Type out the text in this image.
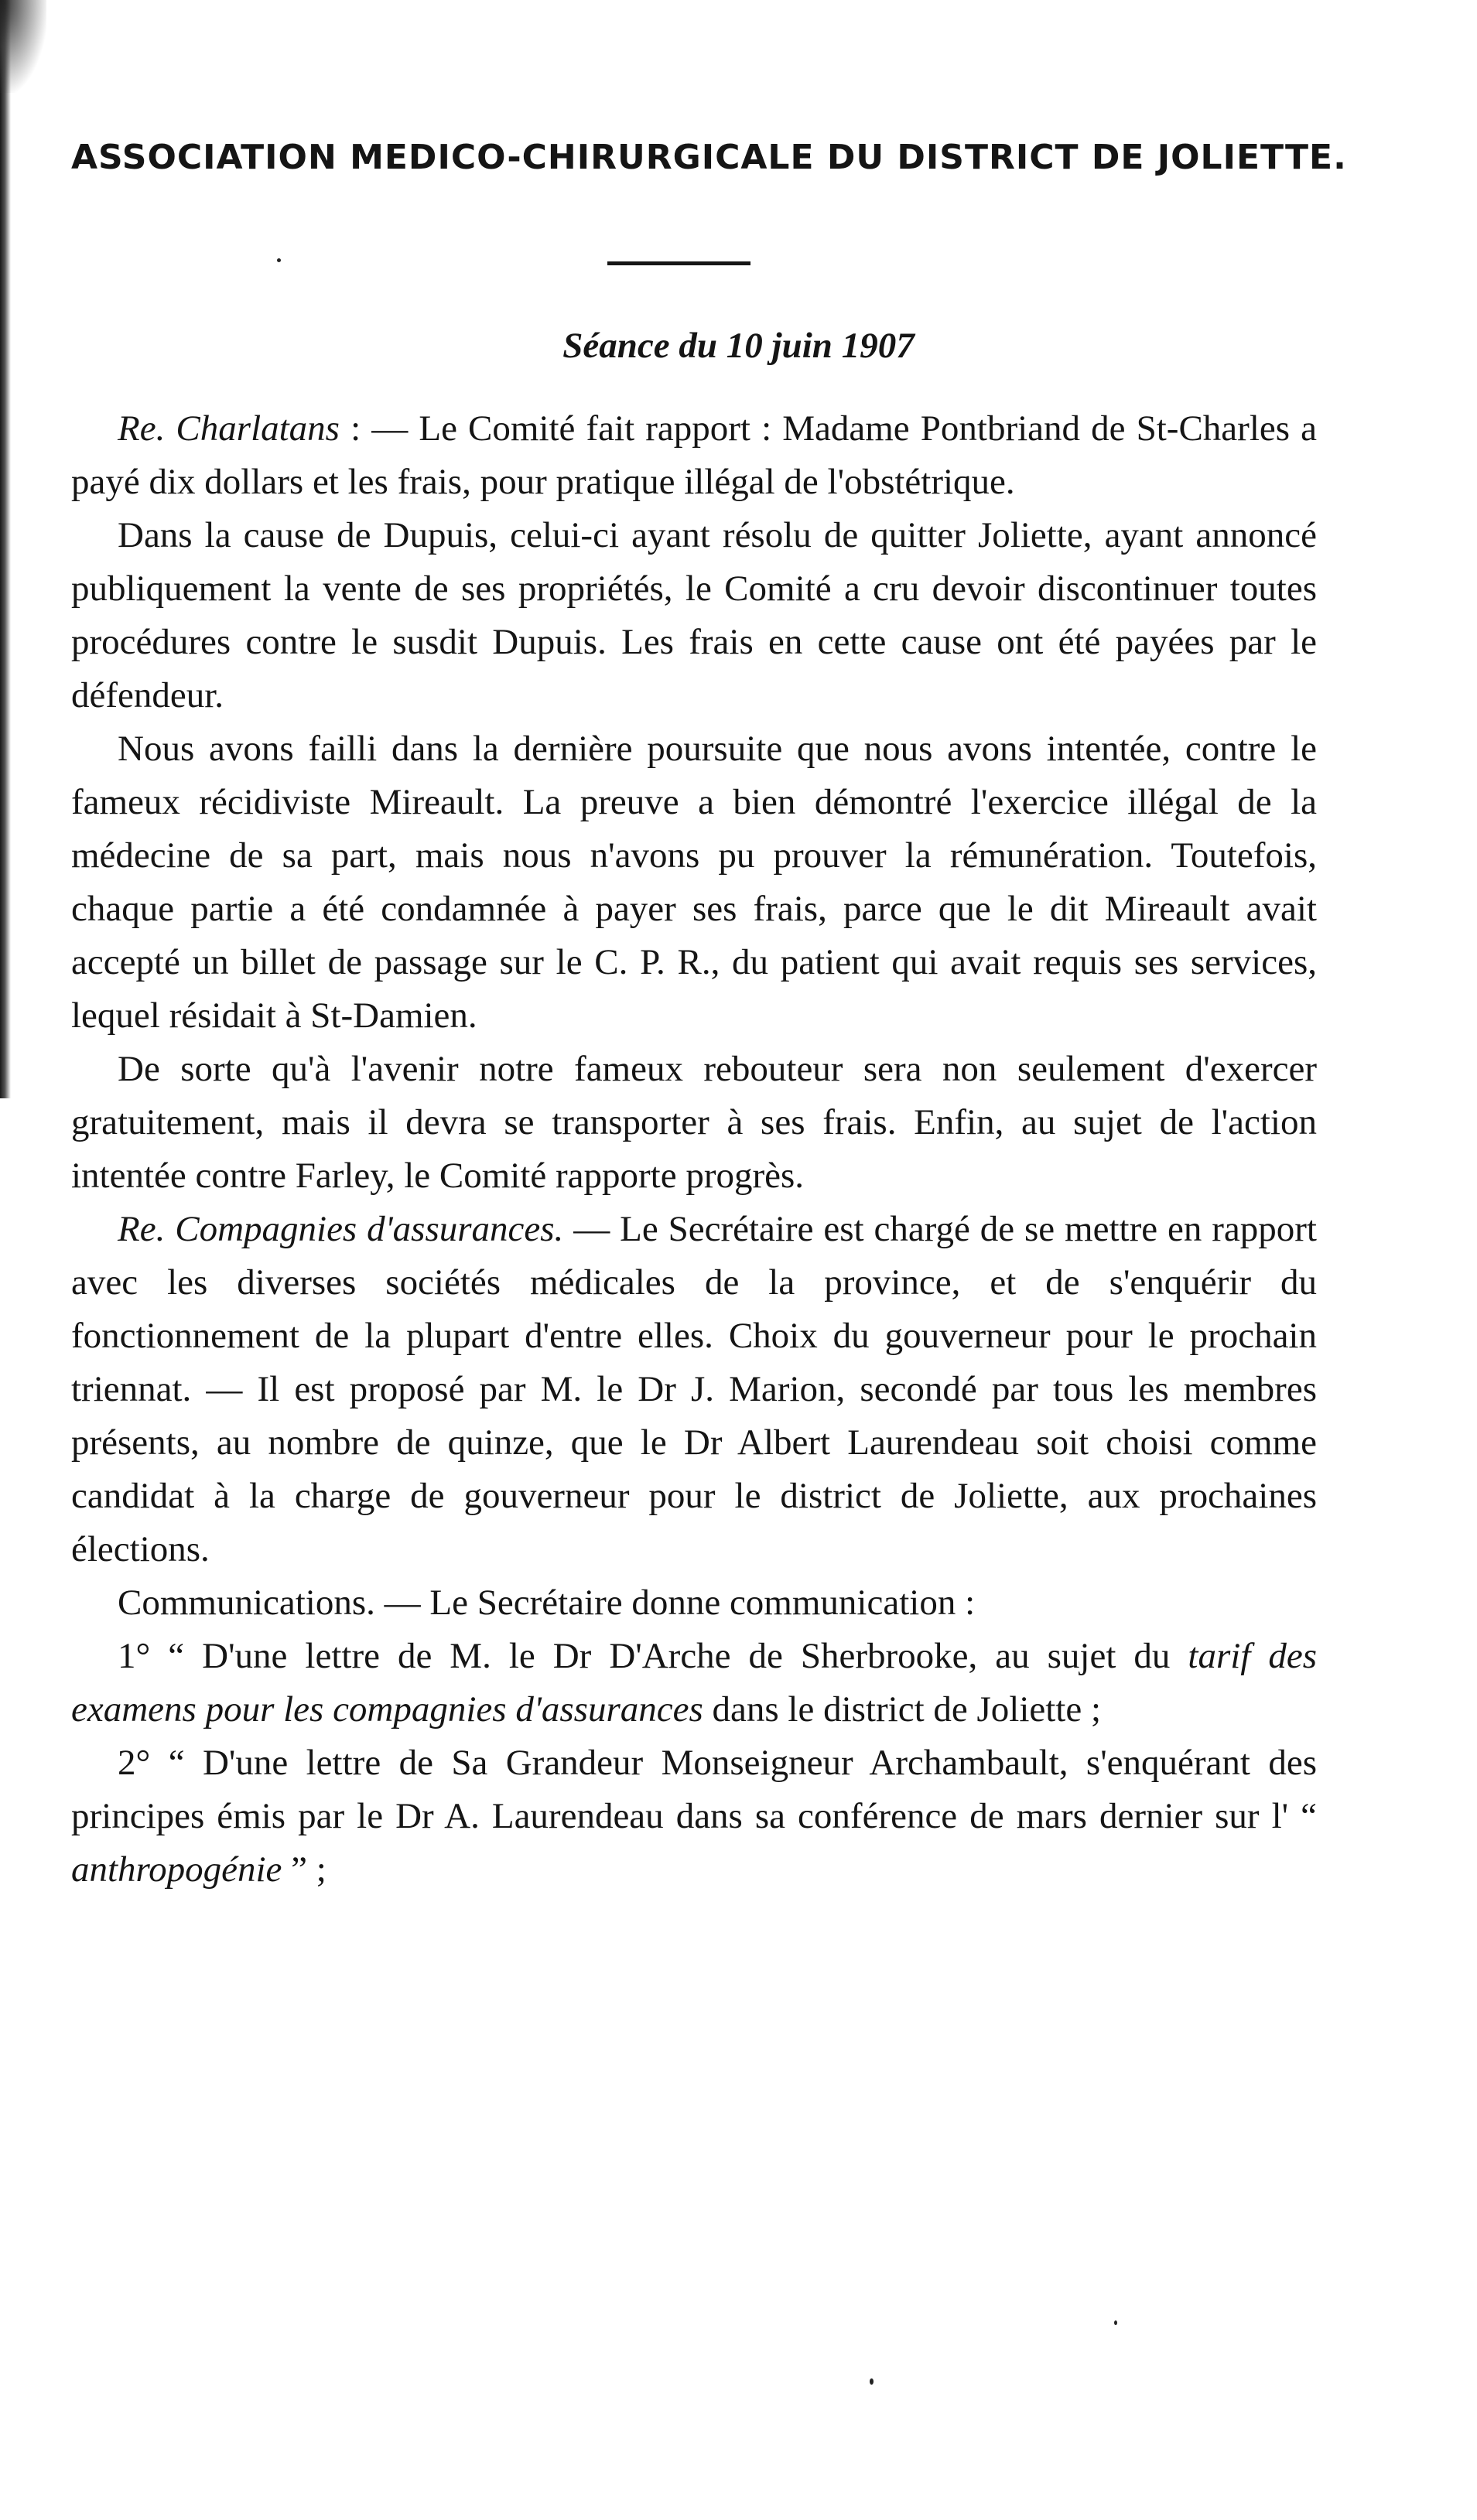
ASSOCIATION MEDICO-CHIRURGICALE DU DISTRICT DE JOLIETTE.
Séance du 10 juin 1907

Re. Charlatans : — Le Comité fait rapport : Madame Pontbriand de St-Charles a payé dix dollars et les frais, pour pratique illégal de l'obstétrique.

Dans la cause de Dupuis, celui-ci ayant résolu de quitter Joliette, ayant annoncé publiquement la vente de ses propriétés, le Comité a cru devoir discontinuer toutes procédures contre le susdit Dupuis. Les frais en cette cause ont été payées par le défendeur.

Nous avons failli dans la dernière poursuite que nous avons intentée, contre le fameux récidiviste Mireault. La preuve a bien démontré l'exercice illégal de la médecine de sa part, mais nous n'avons pu prouver la rémunération. Toutefois, chaque partie a été condamnée à payer ses frais, parce que le dit Mireault avait accepté un billet de passage sur le C. P. R., du patient qui avait requis ses services, lequel résidait à St-Damien.

De sorte qu'à l'avenir notre fameux rebouteur sera non seulement d'exercer gratuitement, mais il devra se transporter à ses frais. Enfin, au sujet de l'action intentée contre Farley, le Comité rapporte progrès.

Re. Compagnies d'assurances. — Le Secrétaire est chargé de se mettre en rapport avec les diverses sociétés médicales de la province, et de s'enquérir du fonctionnement de la plupart d'entre elles. Choix du gouverneur pour le prochain triennat. — Il est proposé par M. le Dr J. Marion, secondé par tous les membres présents, au nombre de quinze, que le Dr Albert Laurendeau soit choisi comme candidat à la charge de gouverneur pour le district de Joliette, aux prochaines élections.

Communications. — Le Secrétaire donne communication :

1° “ D'une lettre de M. le Dr D'Arche de Sherbrooke, au sujet du tarif des examens pour les compagnies d'assurances dans le district de Joliette ;

2° “ D'une lettre de Sa Grandeur Monseigneur Archambault, s'enquérant des principes émis par le Dr A. Laurendeau dans sa conférence de mars dernier sur l' “ anthropogénie ” ;
